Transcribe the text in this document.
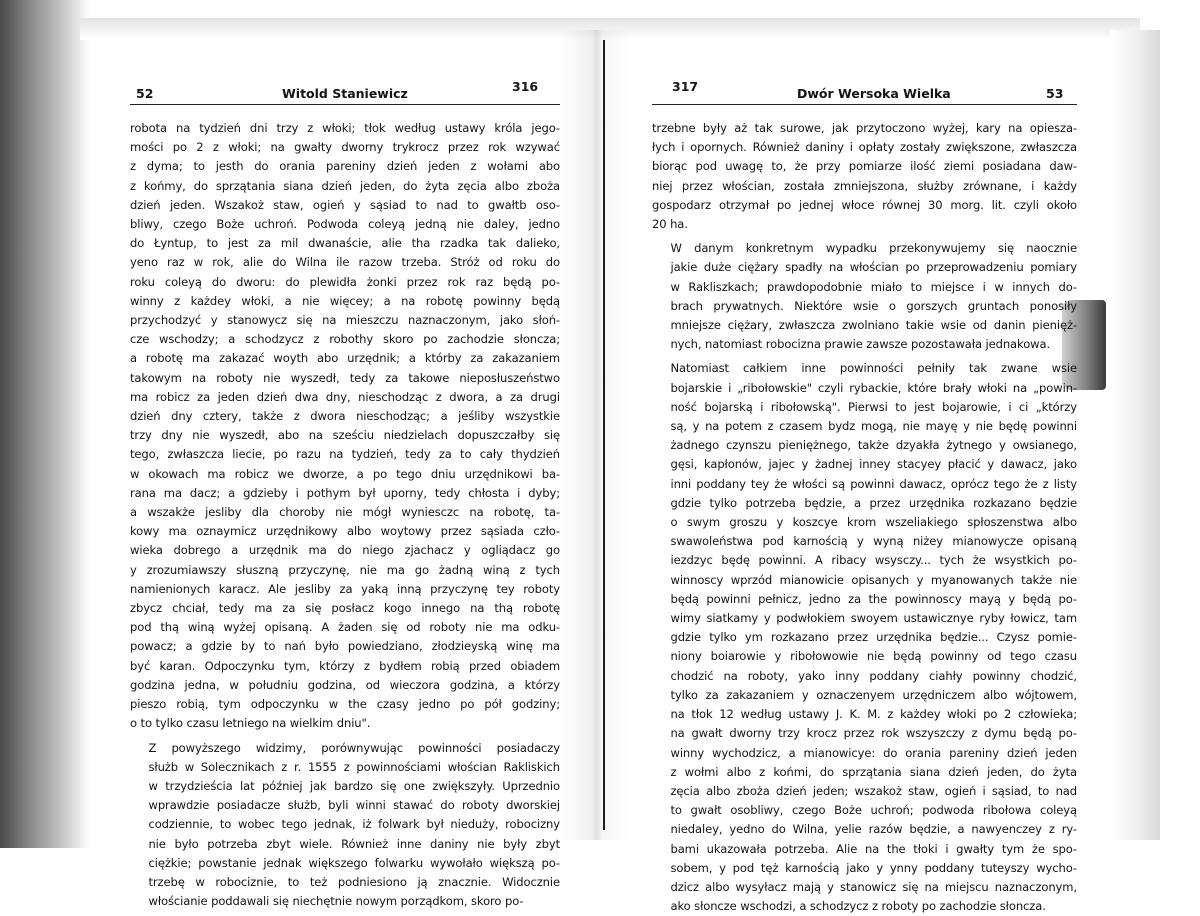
52	Witold Staniewicz	316

robota na tydzień dni trzy z włoki; tłok według ustawy króla jego-
mości po 2 z włoki; na gwałty dworny trykrocz przez rok wzywać
z dyma; to jesth do orania pareniny dzień jeden z wołami abo
z końmy, do sprzątania siana dzień jeden, do żyta zęcia albo zboża
dzień jeden. Wszakoż staw, ogień y sąsiad to nad to gwałtb oso-
bliwy, czego Boże uchroń. Podwoda coleyą jedną nie daley, jedno
do Łyntup, to jest za mil dwanaście, alie tha rzadka tak dalieko,
yeno raz w rok, alie do Wilna ile razow trzeba. Stróż od roku do
roku coleyą do dworu: do plewidła żonki przez rok raz będą po-
winny z każdey włoki, a nie więcey; a na robotę powinny będą
przychodzyć y stanowycz się na mieszczu naznaczonym, jako słoń-
cze wschodzy; a schodzycz z robothy skoro po zachodzie słoncza;
a robotę ma zakazać woyth abo urzędnik; a którby za zakazaniem
takowym na roboty nie wyszedł, tedy za takowe nieposłuszeństwo
ma robicz za jeden dzień dwa dny, nieschodząc z dwora, a za drugi
dzień dny cztery, także z dwora nieschodząc; a jeśliby wszystkie
trzy dny nie wyszedł, abo na sześciu niedzielach dopuszczałby się
tego, zwłaszcza liecie, po razu na tydzień, tedy za to cały thydzień
w okowach ma robicz we dworze, a po tego dniu urzędnikowi ba-
rana ma dacz; a gdzieby i pothym był uporny, tedy chłosta i dyby;
a wszakże jesliby dla choroby nie mógł wyniesczc na robotę, ta-
kowy ma oznaymicz urzędnikowy albo woytowy przez sąsiada czło-
wieka dobrego a urzędnik ma do niego zjachacz y ogliądacz go
y zrozumiawszy słuszną przyczynę, nie ma go żadną winą z tych
namienionych karacz. Ale jesliby za yaką inną przyczynę tey roboty
zbycz chciał, tedy ma za się posłacz kogo innego na thą robotę
pod thą winą wyżej opisaną. A żaden się od roboty nie ma odku-
powacz; a gdzie by to nań było powiedziano, złodzieyską winę ma
być karan. Odpoczynku tym, którzy z bydłem robią przed obiadem
godzina jedna, w południu godzina, od wieczora godzina, a którzy
pieszo robią, tym odpoczynku w the czasy jedno po pół godziny;
o to tylko czasu letniego na wielkim dniu".

Z powyższego widzimy, porównywując powinności posiadaczy
służb w Solecznikach z r. 1555 z powinnościami włościan Rakliskich
w trzydzieścia lat później jak bardzo się one zwiększyły. Uprzednio
wprawdzie posiadacze służb, byli winni stawać do roboty dworskiej
codziennie, to wobec tego jednak, iż folwark był nieduży, robocizny
nie było potrzeba zbyt wiele. Również inne daniny nie były zbyt
ciężkie; powstanie jednak większego folwarku wywołało większą po-
trzebę w robociznie, to też podniesiono ją znacznie. Widocznie
włościanie poddawali się niechętnie nowym porządkom, skoro po-

317	Dwór Wersoka Wielka	53

trzebne były aż tak surowe, jak przytoczono wyżej, kary na opiesza-
łych i opornych. Również daniny i opłaty zostały zwiększone, zwłaszcza
biorąc pod uwagę to, że przy pomiarze ilość ziemi posiadana daw-
niej przez włościan, została zmniejszona, służby zrównane, i każdy
gospodarz otrzymał po jednej włoce równej 30 morg. lit. czyli około
20 ha.

W danym konkretnym wypadku przekonywujemy się naocznie
jakie duże ciężary spadły na włościan po przeprowadzeniu pomiary
w Rakliszkach; prawdopodobnie miało to miejsce i w innych do-
brach prywatnych. Niektóre wsie o gorszych gruntach ponosiły
mniejsze ciężary, zwłaszcza zwolniano takie wsie od danin pienięż-
nych, natomiast robocizna prawie zawsze pozostawała jednakowa.

Natomiast całkiem inne powinności pełniły tak zwane wsie
bojarskie i „ribołowskie" czyli rybackie, które brały włoki na „powin-
ność bojarską i ribołowską". Pierwsi to jest bojarowie, i ci „którzy
są, y na potem z czasem bydz mogą, nie mayę y nie będę powinni
żadnego czynszu pieniężnego, także dzyakła żytnego y owsianego,
gęsi, kapłonów, jajec y żadnej inney stacyey płacić y dawacz, jako
inni poddany tey że włości są powinni dawacz, oprócz tego że z listy
gdzie tylko potrzeba będzie, a przez urzędnika rozkazano będzie
o swym groszu y koszcye krom wszeliakiego spłoszenstwa albo
swawoleństwa pod karnością y wyną niżey mianowycze opisaną
iezdzyc będę powinni. A ribacy wsysczy... tych że wsystkich po-
winnoscy wprzód mianowicie opisanych y myanowanych także nie
będą powinni pełnicz, jedno za the powinnoscy mayą y będą po-
wimy siatkamy y podwłokiem swoyem ustawicznye ryby łowicz, tam
gdzie tylko ym rozkazano przez urzędnika będzie... Czysz pomie-
niony boiarowie y ribołowowie nie będą powinny od tego czasu
chodzić na roboty, yako inny poddany ciahły powinny chodzić,
tylko za zakazaniem y oznaczenyem urzędniczem albo wójtowem,
na tłok 12 według ustawy J. K. M. z każdey włoki po 2 człowieka;
na gwałt dworny trzy krocz przez rok wszyszczy z dymu będą po-
winny wychodzicz, a mianowicye: do orania pareniny dzień jeden
z wołmi albo z końmi, do sprzątania siana dzień jeden, do żyta
zęcia albo zboża dzień jeden; wszakoż staw, ogień i sąsiad, to nad
to gwałt osobliwy, czego Boże uchroń; podwoda ribołowa coleyą
niedaley, yedno do Wilna, yelie razów będzie, a nawyenczey z ry-
bami ukazowała potrzeba. Alie na the tłoki i gwałty tym że spo-
sobem, y pod tęż karnością jako y ynny poddany tuteyszy wycho-
dzicz albo wysyłacz mają y stanowicz się na miejscu naznaczonym,
ako słoncze wschodzi, a schodzycz z roboty po zachodzie słoncza.
